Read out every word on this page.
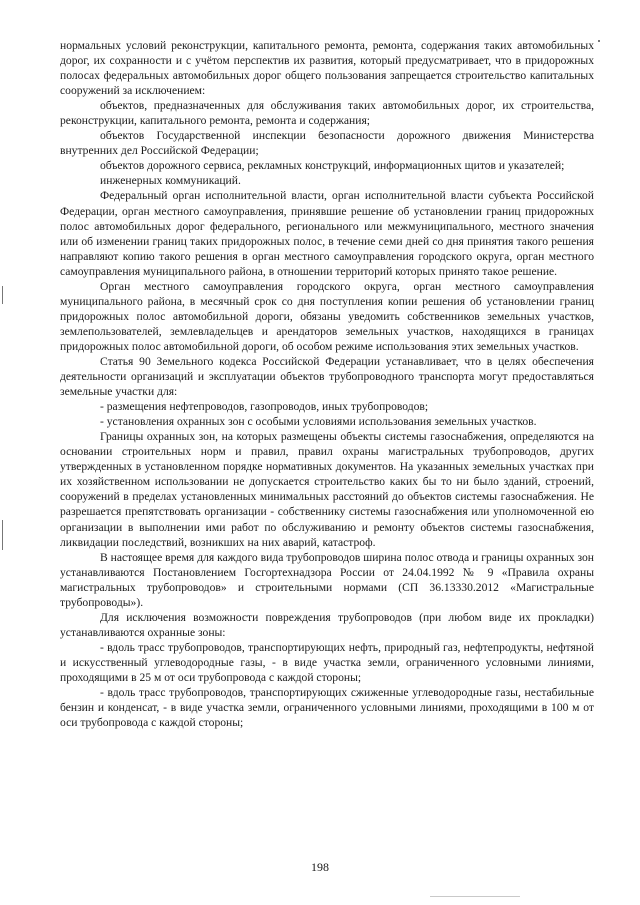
нормальных условий реконструкции, капитального ремонта, ремонта, содержания таких автомобильных дорог, их сохранности и с учётом перспектив их развития, который предусматривает, что в придорожных полосах федеральных автомобильных дорог общего пользования запрещается строительство капитальных сооружений за исключением:

объектов, предназначенных для обслуживания таких автомобильных дорог, их строительства, реконструкции, капитального ремонта, ремонта и содержания;

объектов Государственной инспекции безопасности дорожного движения Министерства внутренних дел Российской Федерации;

объектов дорожного сервиса, рекламных конструкций, информационных щитов и указателей;

инженерных коммуникаций.

Федеральный орган исполнительной власти, орган исполнительной власти субъекта Российской Федерации, орган местного самоуправления, принявшие решение об установлении границ придорожных полос автомобильных дорог федерального, регионального или межмуниципального, местного значения или об изменении границ таких придорожных полос, в течение семи дней со дня принятия такого решения направляют копию такого решения в орган местного самоуправления городского округа, орган местного самоуправления муниципального района, в отношении территорий которых принято такое решение.

Орган местного самоуправления городского округа, орган местного самоуправления муниципального района, в месячный срок со дня поступления копии решения об установлении границ придорожных полос автомобильной дороги, обязаны уведомить собственников земельных участков, землепользователей, землевладельцев и арендаторов земельных участков, находящихся в границах придорожных полос автомобильной дороги, об особом режиме использования этих земельных участков.

Статья 90 Земельного кодекса Российской Федерации устанавливает, что в целях обеспечения деятельности организаций и эксплуатации объектов трубопроводного транспорта могут предоставляться земельные участки для:

- размещения нефтепроводов, газопроводов, иных трубопроводов;

- установления охранных зон с особыми условиями использования земельных участков.

Границы охранных зон, на которых размещены объекты системы газоснабжения, определяются на основании строительных норм и правил, правил охраны магистральных трубопроводов, других утвержденных в установленном порядке нормативных документов. На указанных земельных участках при их хозяйственном использовании не допускается строительство каких бы то ни было зданий, строений, сооружений в пределах установленных минимальных расстояний до объектов системы газоснабжения. Не разрешается препятствовать организации - собственнику системы газоснабжения или уполномоченной ею организации в выполнении ими работ по обслуживанию и ремонту объектов системы газоснабжения, ликвидации последствий, возникших на них аварий, катастроф.

В настоящее время для каждого вида трубопроводов ширина полос отвода и границы охранных зон устанавливаются Постановлением Госгортехнадзора России от 24.04.1992 № 9 «Правила охраны магистральных трубопроводов» и строительными нормами (СП 36.13330.2012 «Магистральные трубопроводы»).

Для исключения возможности повреждения трубопроводов (при любом виде их прокладки) устанавливаются охранные зоны:

- вдоль трасс трубопроводов, транспортирующих нефть, природный газ, нефтепродукты, нефтяной и искусственный углеводородные газы, - в виде участка земли, ограниченного условными линиями, проходящими в 25 м от оси трубопровода с каждой стороны;

- вдоль трасс трубопроводов, транспортирующих сжиженные углеводородные газы, нестабильные бензин и конденсат, - в виде участка земли, ограниченного условными линиями, проходящими в 100 м от оси трубопровода с каждой стороны;

198
